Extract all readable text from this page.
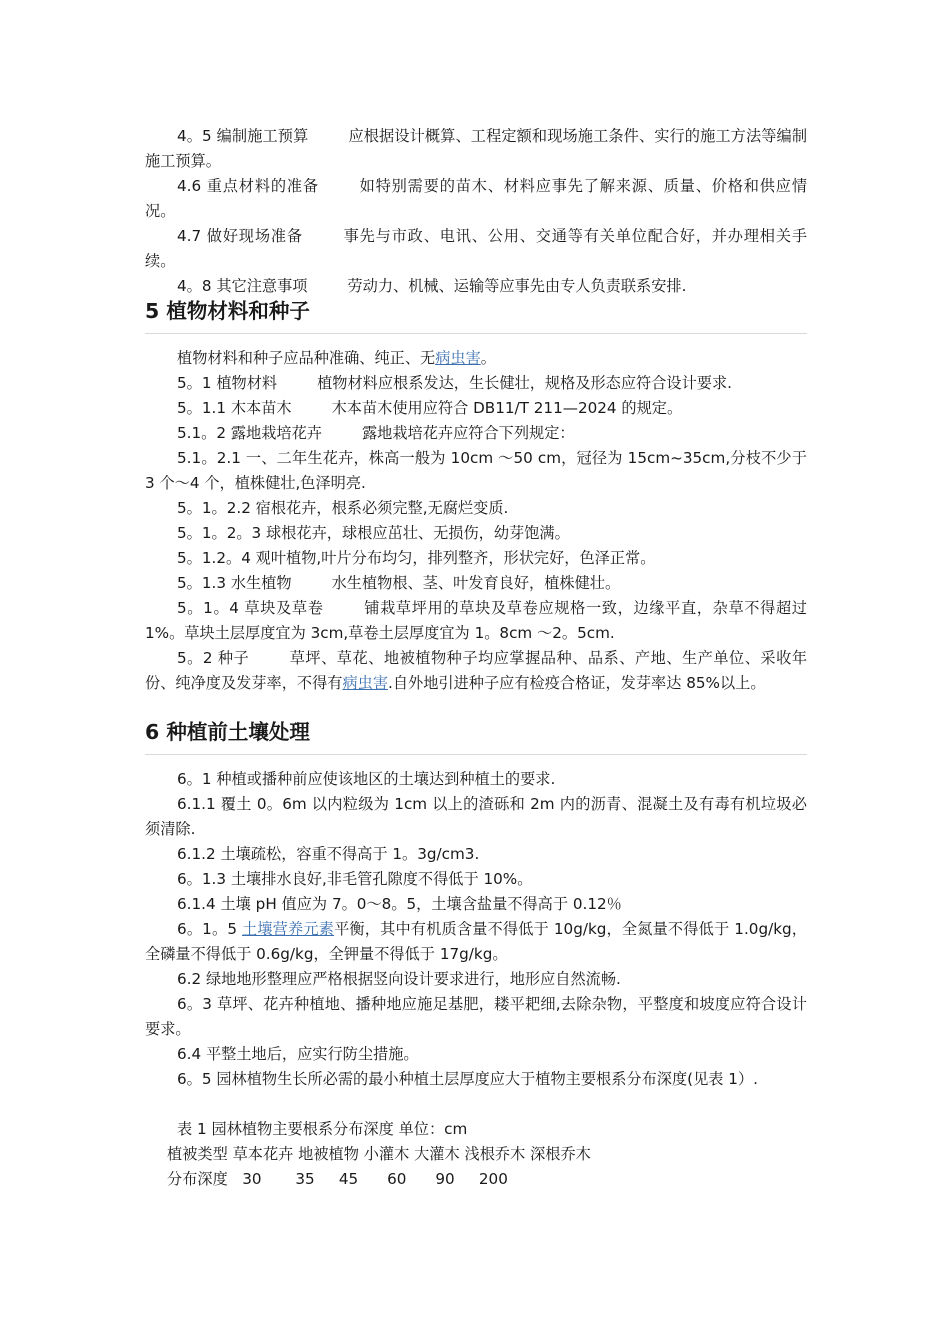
4。5 编制施工预算	应根据设计概算、工程定额和现场施工条件、实行的施工方法等编制施工预算。

4.6 重点材料的准备	如特别需要的苗木、材料应事先了解来源、质量、价格和供应情况。

4.7 做好现场准备	事先与市政、电讯、公用、交通等有关单位配合好，并办理相关手续。

4。8 其它注意事项	劳动力、机械、运输等应事先由专人负责联系安排.

5 植物材料和种子

植物材料和种子应品种准确、纯正、无病虫害。

5。1 植物材料	植物材料应根系发达，生长健壮，规格及形态应符合设计要求.

5。1.1 木本苗木	木本苗木使用应符合 DB11/T 211—2024 的规定。

5.1。2 露地栽培花卉	露地栽培花卉应符合下列规定：

5.1。2.1 一、二年生花卉，株高一般为 10cm ～50 cm，冠径为 15cm~35cm,分枝不少于 3 个～4 个，植株健壮,色泽明亮.

5。1。2.2 宿根花卉，根系必须完整,无腐烂变质.

5。1。2。3 球根花卉，球根应茁壮、无损伤，幼芽饱满。

5。1.2。4 观叶植物,叶片分布均匀，排列整齐，形状完好，色泽正常。

5。1.3 水生植物	水生植物根、茎、叶发育良好，植株健壮。

5。1。4 草块及草卷	铺栽草坪用的草块及草卷应规格一致，边缘平直，杂草不得超过 1%。草块土层厚度宜为 3cm,草卷土层厚度宜为 1。8cm ～2。5cm.

5。2 种子	草坪、草花、地被植物种子均应掌握品种、品系、产地、生产单位、采收年份、纯净度及发芽率，不得有病虫害.自外地引进种子应有检疫合格证，发芽率达 85%以上。

6 种植前土壤处理

6。1 种植或播种前应使该地区的土壤达到种植土的要求.

6.1.1 覆土 0。6m 以内粒级为 1cm 以上的渣砾和 2m 内的沥青、混凝土及有毒有机垃圾必须清除.

6.1.2 土壤疏松，容重不得高于 1。3g/cm3.

6。1.3 土壤排水良好,非毛管孔隙度不得低于 10%。

6.1.4 土壤 pH 值应为 7。0～8。5，土壤含盐量不得高于 0.12％

6。1。5 土壤营养元素平衡，其中有机质含量不得低于 10g/kg，全氮量不得低于 1.0g/kg，全磷量不得低于 0.6g/kg，全钾量不得低于 17g/kg。

6.2 绿地地形整理应严格根据竖向设计要求进行，地形应自然流畅.

6。3 草坪、花卉种植地、播种地应施足基肥，耧平耙细,去除杂物，平整度和坡度应符合设计要求。

6.4 平整土地后，应实行防尘措施。

6。5 园林植物生长所必需的最小种植土层厚度应大于植物主要根系分布深度(见表 1）.

表 1 园林植物主要根系分布深度 单位：cm

植被类型 草本花卉 地被植物 小灌木 大灌木 浅根乔木 深根乔木

分布深度   30       35     45      60      90     200
